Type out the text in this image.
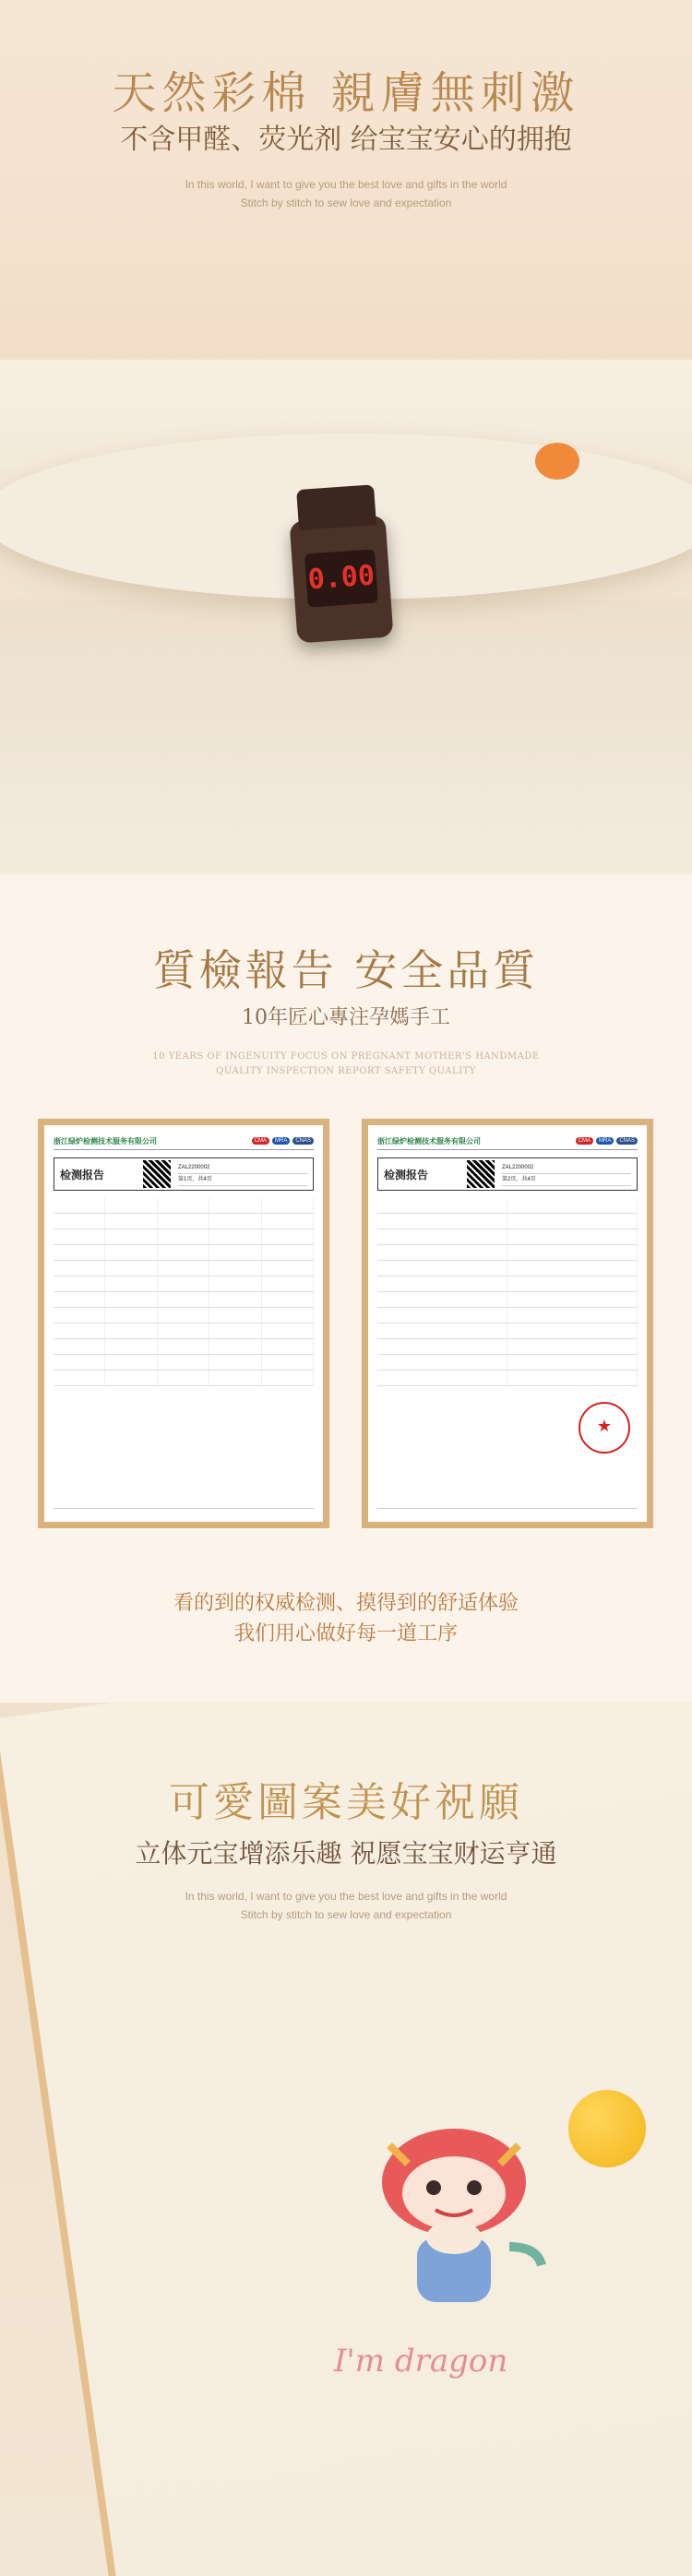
0.00
天然彩棉 親膚無刺激
不含甲醛、荧光剂 给宝宝安心的拥抱
In this world, I want to give you the best love and gifts in the world
Stitch by stitch to sew love and expectation
質檢報告 安全品質
10年匠心專注孕媽手工
10 YEARS OF INGENUITY FOCUS ON PREGNANT MOTHER'S HANDMADE
QUALITY INSPECTION REPORT SAFETY QUALITY
浙江绿炉检测技术服务有限公司	CMA	MRA	CNAS
检测报告
ZAL2200002
第1页，共4页
浙江绿炉检测技术服务有限公司	CMA	MRA	CNAS
检测报告
ZAL2200002
第2页，共4页
★
看的到的权威检测、摸得到的舒适体验
我们用心做好每一道工序
可愛圖案美好祝願
立体元宝增添乐趣 祝愿宝宝财运亨通
In this world, I want to give you the best love and gifts in the world
Stitch by stitch to sew love and expectation
I'm dragon
